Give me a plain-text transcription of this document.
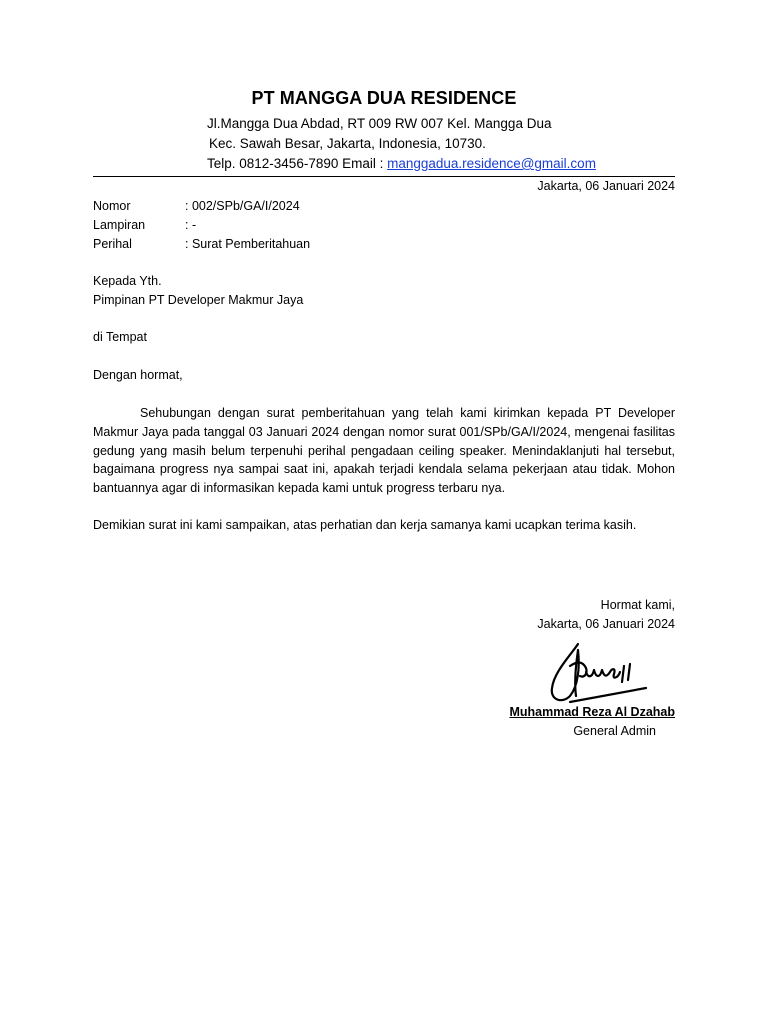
PT MANGGA DUA RESIDENCE
Jl.Mangga Dua Abdad, RT 009 RW 007 Kel. Mangga Dua
Kec. Sawah Besar, Jakarta, Indonesia, 10730.
Telp. 0812-3456-7890 Email : manggadua.residence@gmail.com
Jakarta, 06 Januari 2024
Nomor	: 002/SPb/GA/I/2024
Lampiran	: -
Perihal	: Surat Pemberitahuan
Kepada Yth.
Pimpinan PT Developer Makmur Jaya
di Tempat
Dengan hormat,
Sehubungan dengan surat pemberitahuan yang telah kami kirimkan kepada PT Developer Makmur Jaya pada tanggal 03 Januari 2024 dengan nomor surat 001/SPb/GA/I/2024, mengenai fasilitas gedung yang masih belum terpenuhi perihal pengadaan ceiling speaker. Menindaklanjuti hal tersebut, bagaimana progress nya sampai saat ini, apakah terjadi kendala selama pekerjaan atau tidak. Mohon bantuannya agar di informasikan kepada kami untuk progress terbaru nya.
Demikian surat ini kami sampaikan, atas perhatian dan kerja samanya kami ucapkan terima kasih.
Hormat kami,
Jakarta, 06 Januari 2024
Muhammad Reza Al Dzahab
General Admin
